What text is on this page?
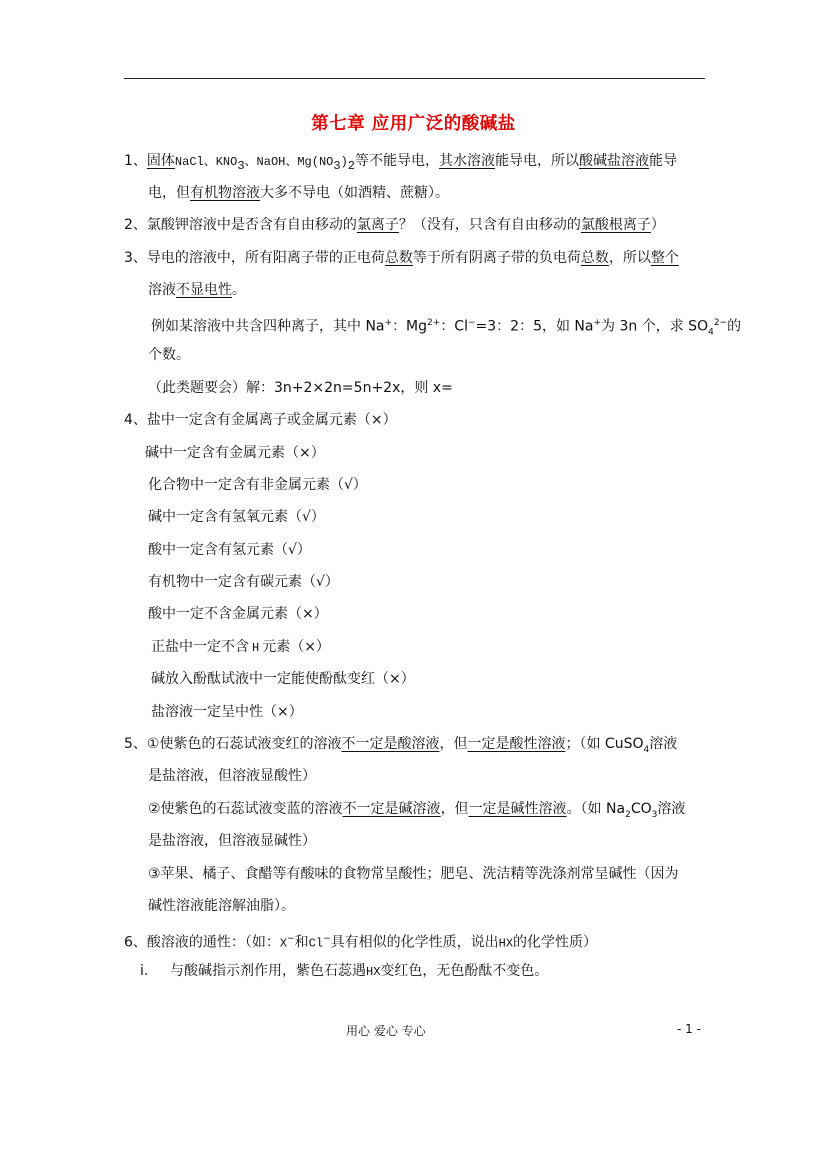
第七章 应用广泛的酸碱盐
1、固体NaCl、$KNO_3$、NaOH、$Mg(NO_3)_2$等不能导电，其水溶液能导电，所以酸碱盐溶液能导
电，但有机物溶液大多不导电（如酒精、蔗糖）。
2、氯酸钾溶液中是否含有自由移动的氯离子？（没有，只含有自由移动的氯酸根离子）
3、导电的溶液中，所有阳离子带的正电荷总数等于所有阴离子带的负电荷总数，所以整个
溶液不显电性。
例如某溶液中共含四种离子，其中 Na+：$Mg^{2+}$：Cl−=3：2：5，如 Na+为 3n 个，求 $SO_4^{2-}$的
个数。
（此类题要会）解：3n+2×2n=5n+2x，则 x=
4、盐中一定含有金属离子或金属元素（×）
碱中一定含有金属元素（×）
化合物中一定含有非金属元素（√）
碱中一定含有氢氧元素（√）
酸中一定含有氢元素（√）
有机物中一定含有碳元素（√）
酸中一定不含金属元素（×）
正盐中一定不含 H 元素（×）
碱放入酚酞试液中一定能使酚酞变红（×）
盐溶液一定呈中性（×）
5、①使紫色的石蕊试液变红的溶液不一定是酸溶液，但一定是酸性溶液；（如 CuSO$_4$溶液
是盐溶液，但溶液显酸性）
②使紫色的石蕊试液变蓝的溶液不一定是碱溶液，但一定是碱性溶液。（如 $Na_2CO_3$溶液
是盐溶液，但溶液显碱性）
③苹果、橘子、食醋等有酸味的食物常呈酸性；肥皂、洗洁精等洗涤剂常呈碱性（因为
碱性溶液能溶解油脂）。
6、酸溶液的通性：（如：X−和Cl−具有相似的化学性质，说出HX的化学性质）
i. 与酸碱指示剂作用，紫色石蕊遇HX变红色，无色酚酞不变色。
用心 爱心 专心	- 1 -
